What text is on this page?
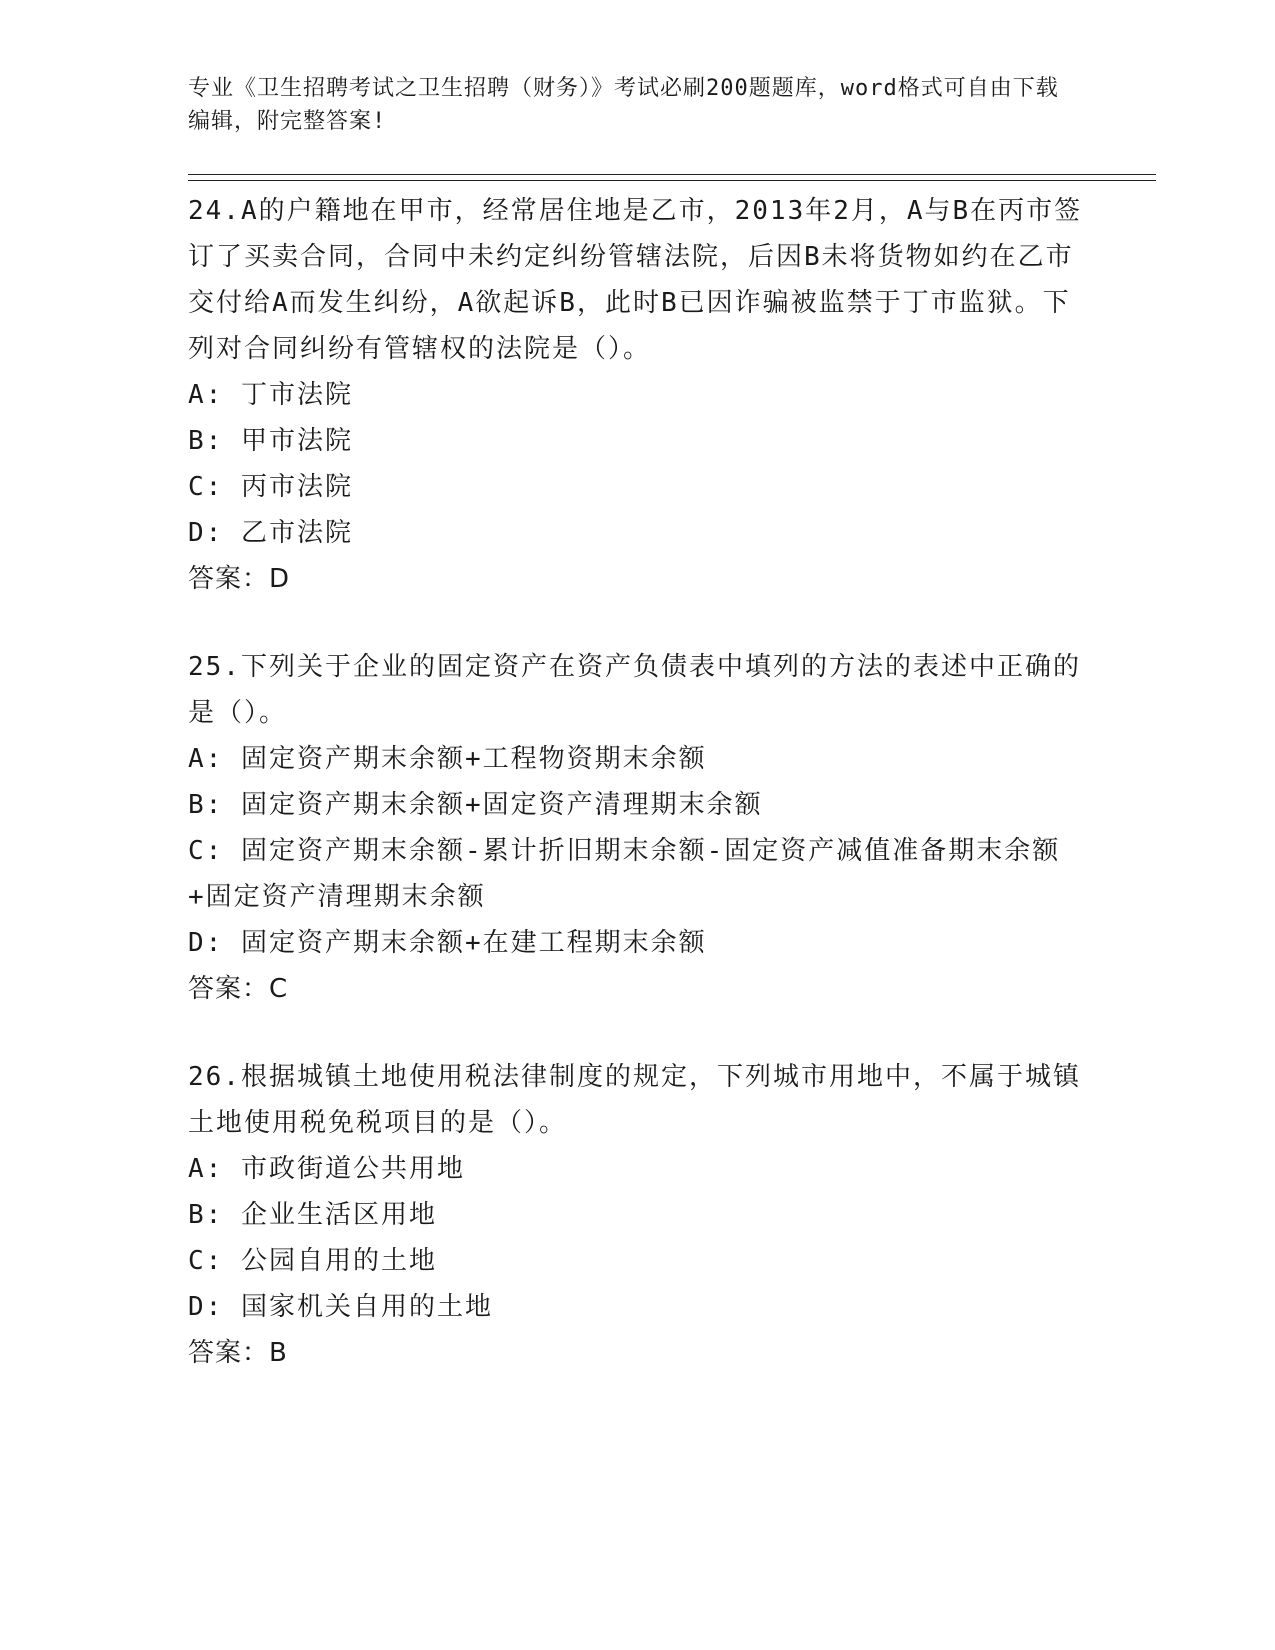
专业《卫生招聘考试之卫生招聘（财务）》考试必刷200题题库，word格式可自由下载编辑，附完整答案!

24.A的户籍地在甲市，经常居住地是乙市，2013年2月，A与B在丙市签订了买卖合同，合同中未约定纠纷管辖法院，后因B未将货物如约在乙市交付给A而发生纠纷，A欲起诉B，此时B已因诈骗被监禁于丁市监狱。下列对合同纠纷有管辖权的法院是（）。

A: 丁市法院

B: 甲市法院

C: 丙市法院

D: 乙市法院

答案：D

25.下列关于企业的固定资产在资产负债表中填列的方法的表述中正确的是（）。

A: 固定资产期末余额+工程物资期末余额

B: 固定资产期末余额+固定资产清理期末余额

C: 固定资产期末余额-累计折旧期末余额-固定资产减值准备期末余额+固定资产清理期末余额

D: 固定资产期末余额+在建工程期末余额

答案：C

26.根据城镇土地使用税法律制度的规定，下列城市用地中，不属于城镇土地使用税免税项目的是（）。

A: 市政街道公共用地

B: 企业生活区用地

C: 公园自用的土地

D: 国家机关自用的土地

答案：B
